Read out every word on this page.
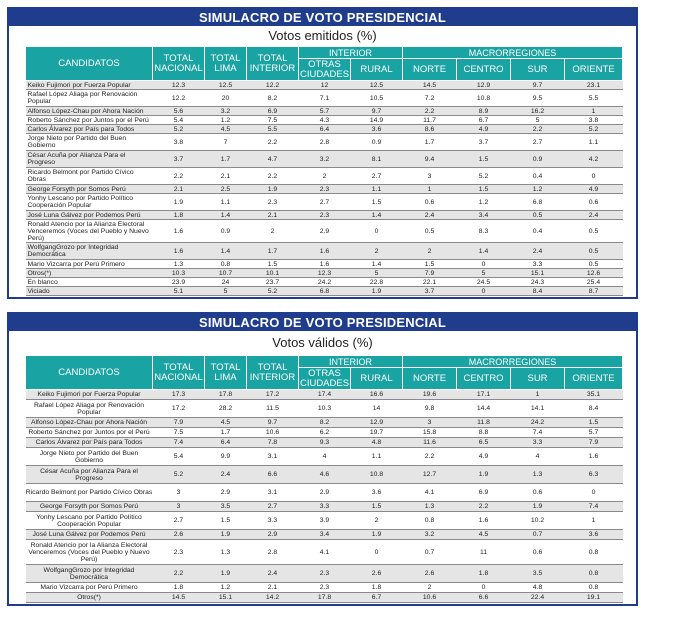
SIMULACRO DE VOTO PRESIDENCIAL
Votos emitidos (%)
CANDIDATOS	TOTAL NACIONAL	TOTAL LIMA	TOTAL INTERIOR	INTERIOR		MACRORREGIONES			
				OTRAS CIUDADES	RURAL	NORTE	CENTRO	SUR	ORIENTE
Keiko Fujimori por Fuerza Popular	12.3	12.5	12.2	12	12.5	14.5	12.9	9.7	23.1
Rafael López Aliaga por Renovación Popular	12.2	20	8.2	7.1	10.5	7.2	10.8	9.5	5.5
Alfonso López-Chau por Ahora Nación	5.6	3.2	6.9	5.7	9.7	2.2	8.9	16.2	1
Roberto Sánchez por Juntos por el Perú	5.4	1.2	7.5	4.3	14.9	11.7	6.7	5	3.8
Carlos Álvarez por País para Todos	5.2	4.5	5.5	6.4	3.6	8.6	4.9	2.2	5.2
Jorge Nieto por Partido del Buen Gobierno	3.8	7	2.2	2.8	0.9	1.7	3.7	2.7	1.1
César Acuña por Alianza Para el Progreso	3.7	1.7	4.7	3.2	8.1	9.4	1.5	0.9	4.2
Ricardo Belmont por Partido Cívico Obras	2.2	2.1	2.2	2	2.7	3	5.2	0.4	0
George Forsyth por Somos Perú	2.1	2.5	1.9	2.3	1.1	1	1.5	1.2	4.9
Yonhy Lescano por Partido Político Cooperación Popular	1.9	1.1	2.3	2.7	1.5	0.6	1.2	6.8	0.6
José Luna Gálvez por Podemos Perú	1.8	1.4	2.1	2.3	1.4	2.4	3.4	0.5	2.4
Ronald Atencio por la Alianza Electoral Venceremos (Voces del Pueblo y Nuevo Perú)	1.6	0.9	2	2.9	0	0.5	8.3	0.4	0.5
WolfgangGrozo por Integridad Democrática	1.6	1.4	1.7	1.6	2	2	1.4	2.4	0.5
Mario Vizcarra por Perú Primero	1.3	0.8	1.5	1.6	1.4	1.5	0	3.3	0.5
Otros(*)	10.3	10.7	10.1	12.3	5	7.9	5	15.1	12.6
En blanco	23.9	24	23.7	24.2	22.8	22.1	24.5	24.3	25.4
Viciado	5.1	5	5.2	6.8	1.9	3.7	0	8.4	8.7
SIMULACRO DE VOTO PRESIDENCIAL
Votos válidos (%)
CANDIDATOS	TOTAL NACIONAL	TOTAL LIMA	TOTAL INTERIOR	INTERIOR		MACRORREGIONES			
				OTRAS CIUDADES	RURAL	NORTE	CENTRO	SUR	ORIENTE
Keiko Fujimori por Fuerza Popular	17.3	17.8	17.2	17.4	16.6	19.6	17.1	1	35.1
Rafael López Aliaga por Renovación Popular	17.2	28.2	11.5	10.3	14	9.8	14.4	14.1	8.4
Alfonso López-Chau por Ahora Nación	7.9	4.5	9.7	8.2	12.9	3	11.8	24.2	1.5
Roberto Sánchez por Juntos por el Perú	7.5	1.7	10.6	6.2	19.7	15.8	8.8	7.4	5.7
Carlos Álvarez por País para Todos	7.4	6.4	7.8	9.3	4.8	11.6	6.5	3.3	7.9
Jorge Nieto por Partido del Buen Gobierno	5.4	9.9	3.1	4	1.1	2.2	4.9	4	1.6
César Acuña por Alianza Para el Progreso	5.2	2.4	6.6	4.6	10.8	12.7	1.9	1.3	6.3
Ricardo Belmont por Partido Cívico Obras	3	2.9	3.1	2.9	3.6	4.1	6.9	0.6	0
George Forsyth por Somos Perú	3	3.5	2.7	3.3	1.5	1.3	2.2	1.9	7.4
Yonhy Lescano por Partido Político Cooperación Popular	2.7	1.5	3.3	3.9	2	0.8	1.6	10.2	1
José Luna Gálvez por Podemos Perú	2.6	1.9	2.9	3.4	1.9	3.2	4.5	0.7	3.6
Ronald Atencio por la Alianza Electoral Venceremos (Voces del Pueblo y Nuevo Perú)	2.3	1.3	2.8	4.1	0	0.7	11	0.6	0.8
WolfgangGrozo por Integridad Democrática	2.2	1.9	2.4	2.3	2.6	2.6	1.8	3.5	0.8
Mario Vizcarra por Perú Primero	1.8	1.2	2.1	2.3	1.8	2	0	4.8	0.8
Otros(*)	14.5	15.1	14.2	17.8	6.7	10.6	6.6	22.4	19.1
